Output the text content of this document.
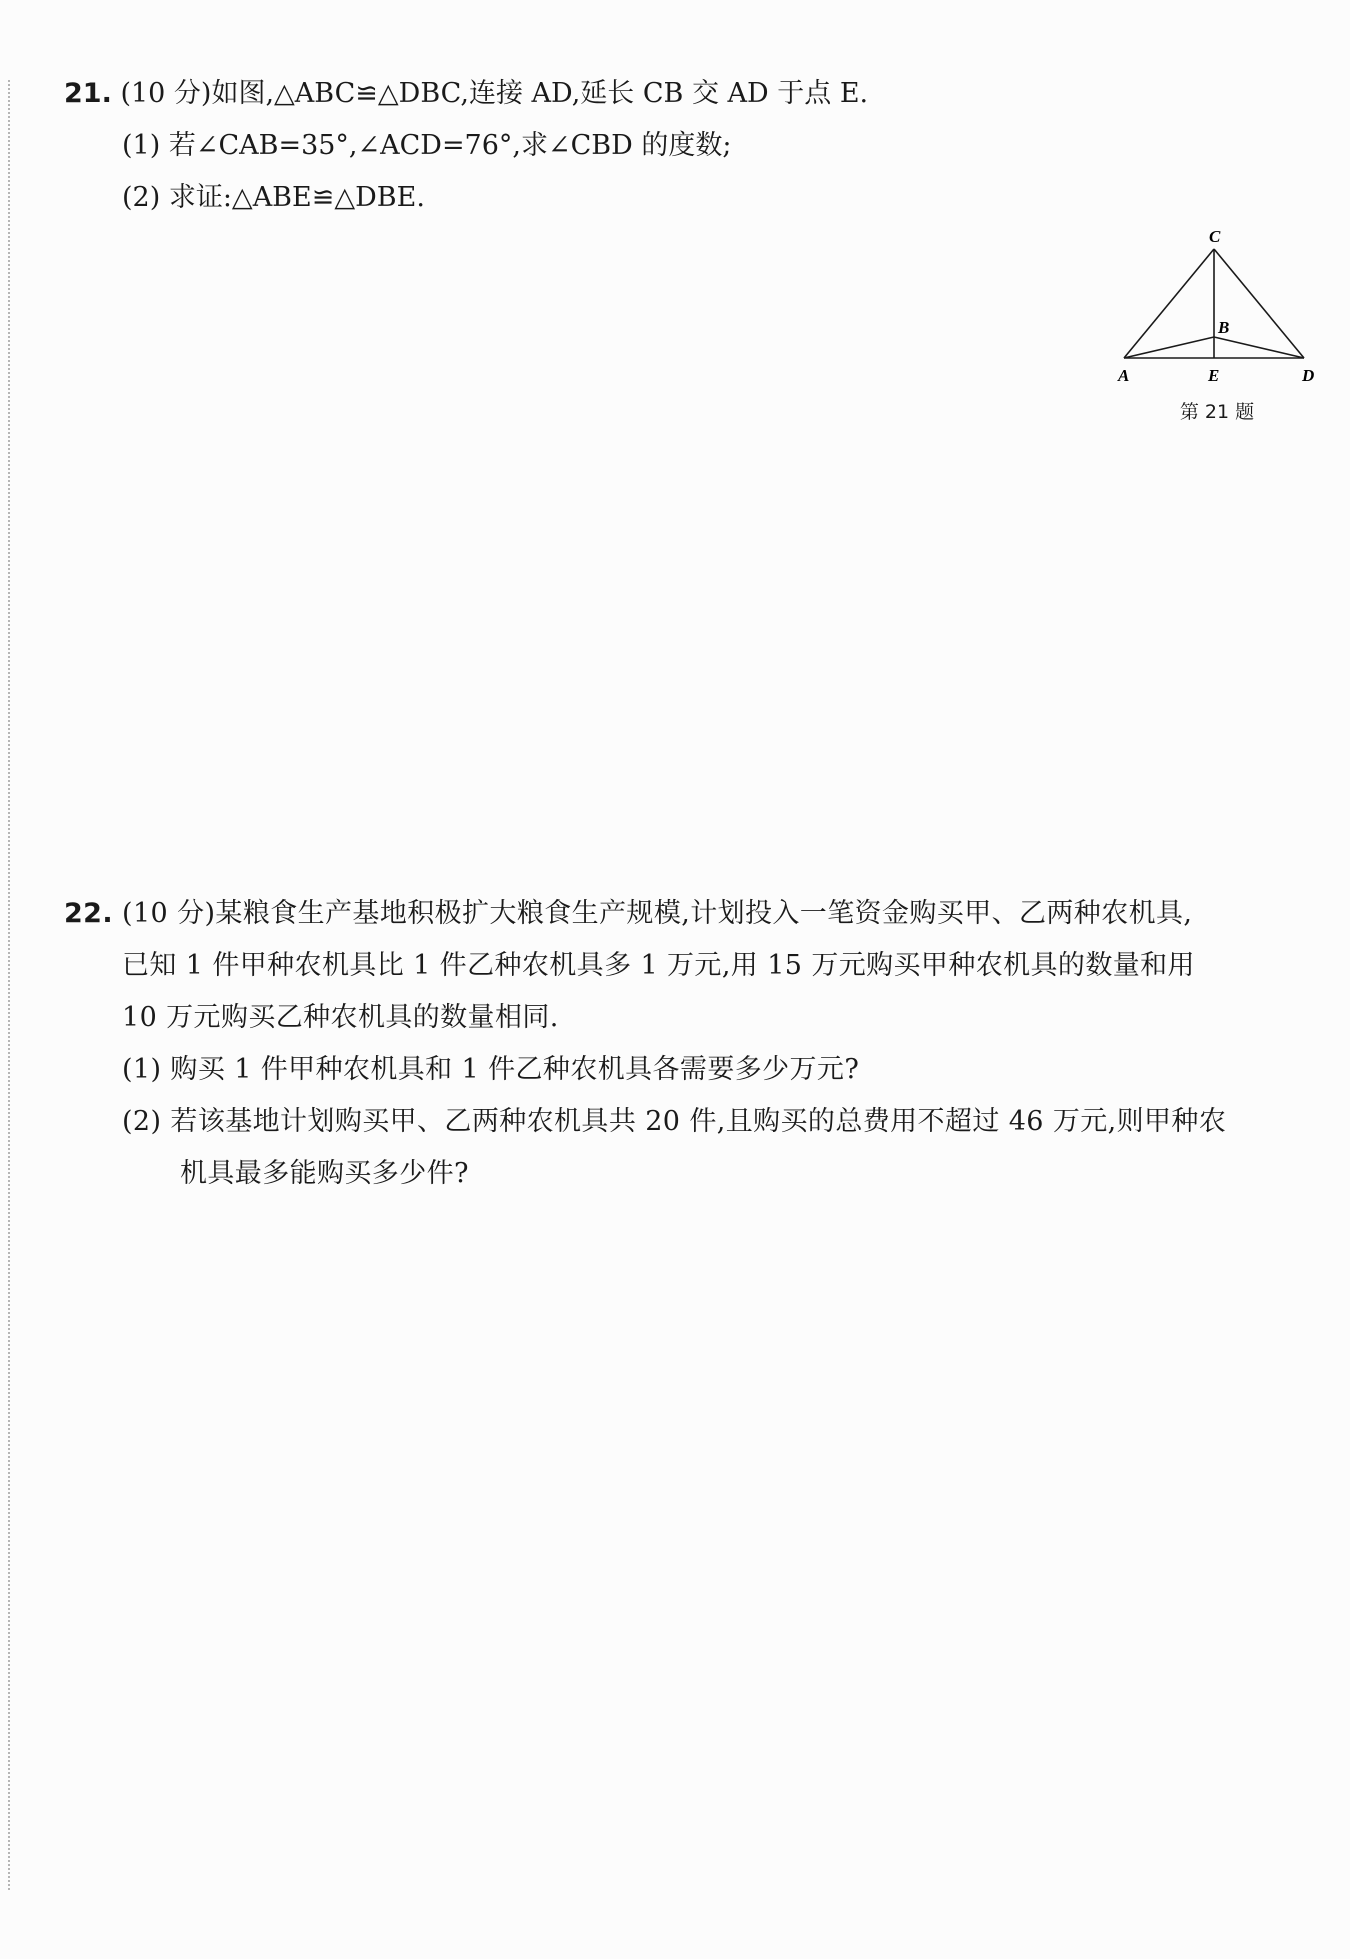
21. (10 分)如图,△ABC≌△DBC,连接 AD,延长 CB 交 AD 于点 E.
(1) 若∠CAB=35°,∠ACD=76°,求∠CBD 的度数;
(2) 求证:△ABE≌△DBE.
C
B
A	E	D
第 21 题
22. (10 分)某粮食生产基地积极扩大粮食生产规模,计划投入一笔资金购买甲、乙两种农机具,
已知 1 件甲种农机具比 1 件乙种农机具多 1 万元,用 15 万元购买甲种农机具的数量和用
10 万元购买乙种农机具的数量相同.
(1) 购买 1 件甲种农机具和 1 件乙种农机具各需要多少万元?
(2) 若该基地计划购买甲、乙两种农机具共 20 件,且购买的总费用不超过 46 万元,则甲种农
机具最多能购买多少件?
